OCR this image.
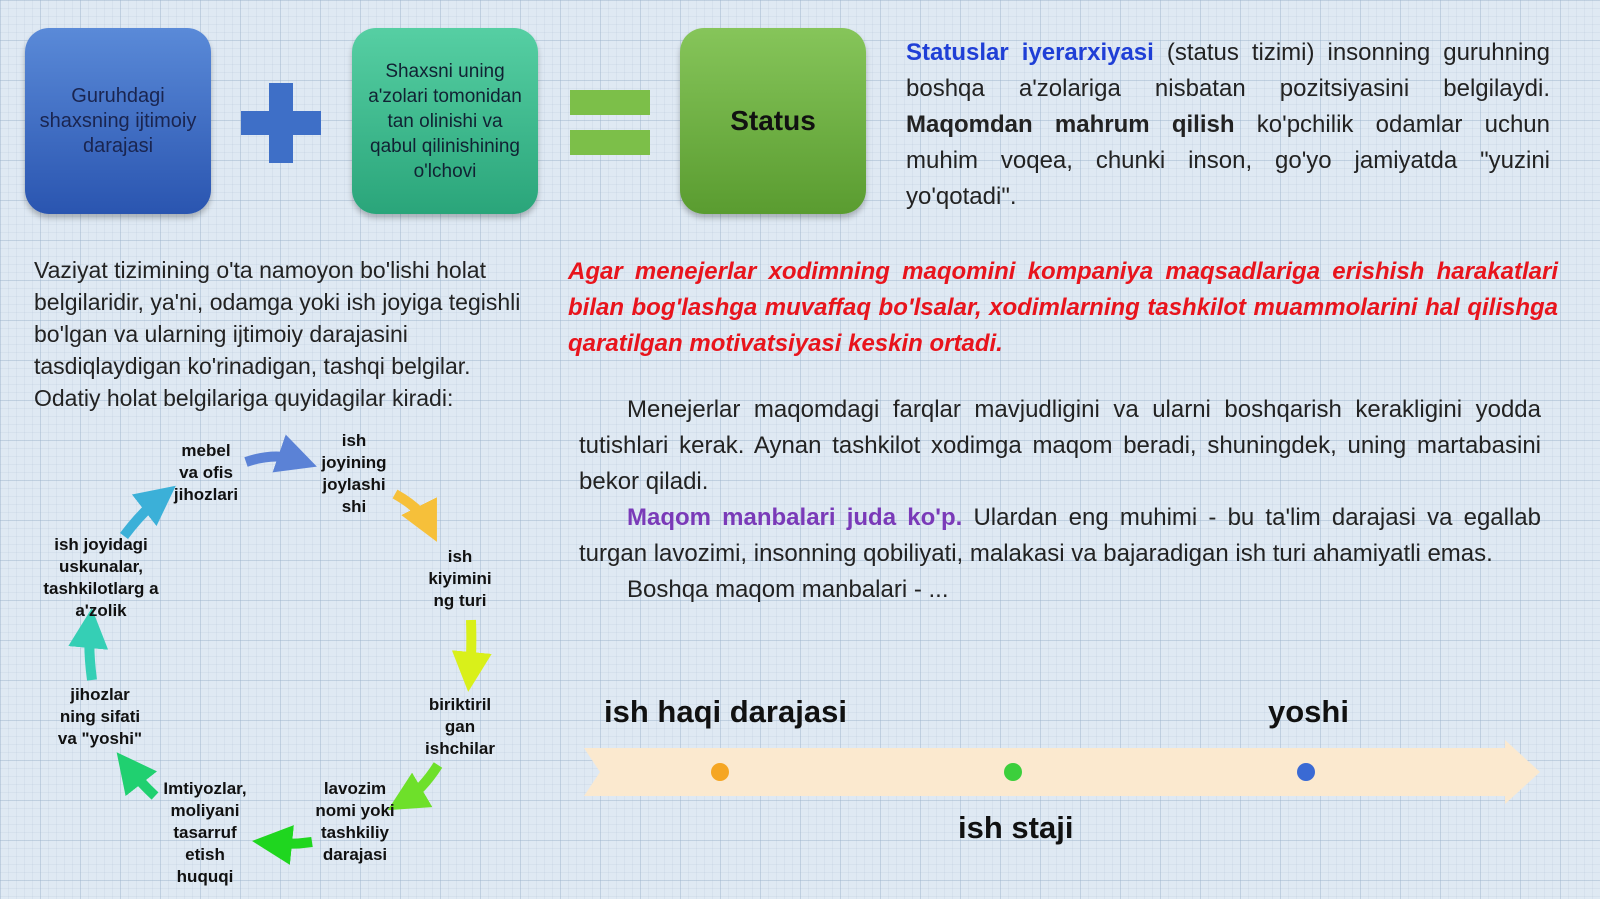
Guruhdagi shaxsning ijtimoiy darajasi
Shaxsni uning a'zolari tomonidan tan olinishi va qabul qilinishining o'lchovi
Status
Statuslar iyerarxiyasi (status tizimi) insonning guruhning boshqa a'zolariga nisbatan pozitsiyasini belgilaydi. Maqomdan mahrum qilish ko'pchilik odamlar uchun muhim voqea, chunki inson, go'yo jamiyatda "yuzini yo'qotadi".
Vaziyat tizimining o'ta namoyon bo'lishi holat belgilaridir, ya'ni, odamga yoki ish joyiga tegishli bo'lgan va ularning ijtimoiy darajasini tasdiqlaydigan ko'rinadigan, tashqi belgilar. Odatiy holat belgilariga quyidagilar kiradi:
Agar menejerlar xodimning maqomini kompaniya maqsadlariga erishish harakatlari bilan bog'lashga muvaffaq bo'lsalar, xodimlarning tashkilot muammolarini hal qilishga qaratilgan motivatsiyasi keskin ortadi.

Menejerlar maqomdagi farqlar mavjudligini va ularni boshqarish kerakligini yodda tutishlari kerak. Aynan tashkilot xodimga maqom beradi, shuningdek, uning martabasini bekor qiladi.

Maqom manbalari juda ko'p. Ulardan eng muhimi - bu ta'lim darajasi va egallab turgan lavozimi, insonning qobiliyati, malakasi va bajaradigan ish turi ahamiyatli emas.

Boshqa maqom manbalari - ...

mebel va ofis jihozlari
ish joyining joylashi shi
ish kiyimini ng turi
biriktiril gan ishchilar
lavozim nomi yoki tashkiliy darajasi
Imtiyozlar, moliyani tasarruf etish huquqi
jihozlar ning sifati va "yoshi"
ish joyidagi uskunalar, tashkilotlarg a a'zolik
ish haqi darajasi	yoshi
ish staji
